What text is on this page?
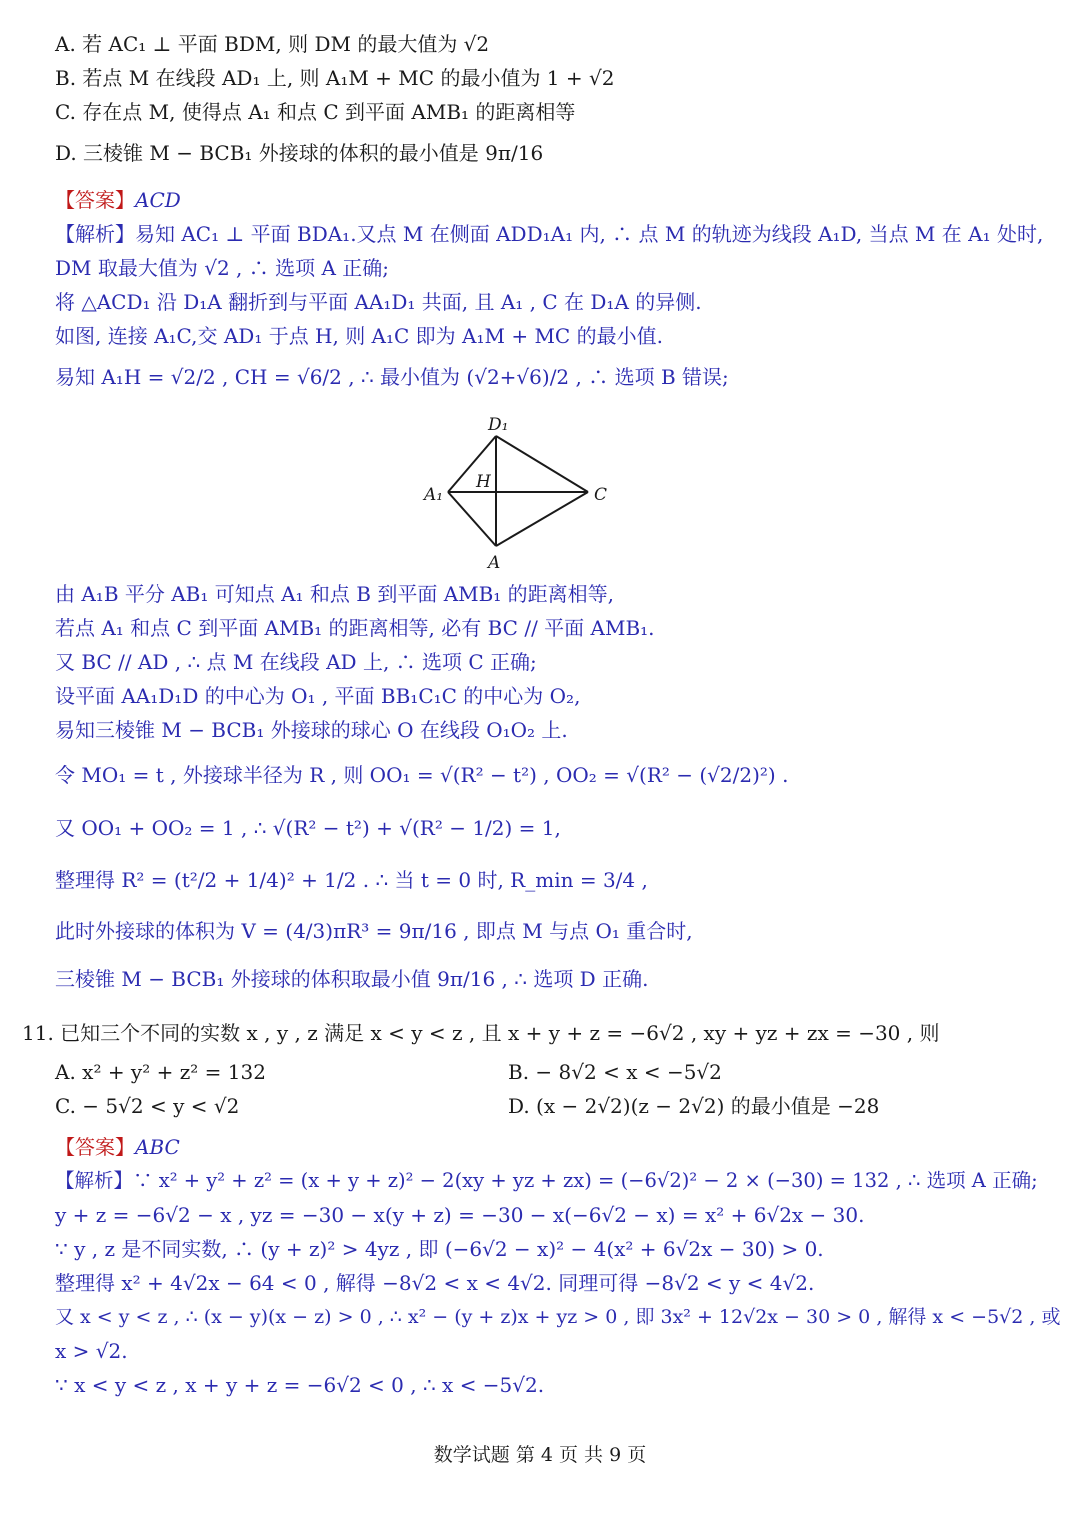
A. 若 AC₁ ⊥ 平面 BDM, 则 DM 的最大值为 √2
B. 若点 M 在线段 AD₁ 上, 则 A₁M + MC 的最小值为 1 + √2
C. 存在点 M, 使得点 A₁ 和点 C 到平面 AMB₁ 的距离相等
D. 三棱锥 M − BCB₁ 外接球的体积的最小值是 9π/16
【答案】ACD
【解析】易知 AC₁ ⊥ 平面 BDA₁.又点 M 在侧面 ADD₁A₁ 内, ∴ 点 M 的轨迹为线段 A₁D, 当点 M 在 A₁ 处时,
DM 取最大值为 √2 , ∴ 选项 A 正确;
将 △ACD₁ 沿 D₁A 翻折到与平面 AA₁D₁ 共面, 且 A₁ , C 在 D₁A 的异侧.
如图, 连接 A₁C,交 AD₁ 于点 H, 则 A₁C 即为 A₁M + MC 的最小值.
易知 A₁H = √2/2 , CH = √6/2 , ∴ 最小值为 (√2+√6)/2 , ∴ 选项 B 错误;
D₁
A₁
H
C
A
由 A₁B 平分 AB₁ 可知点 A₁ 和点 B 到平面 AMB₁ 的距离相等,
若点 A₁ 和点 C 到平面 AMB₁ 的距离相等, 必有 BC // 平面 AMB₁.
又 BC // AD , ∴ 点 M 在线段 AD 上, ∴ 选项 C 正确;
设平面 AA₁D₁D 的中心为 O₁ , 平面 BB₁C₁C 的中心为 O₂,
易知三棱锥 M − BCB₁ 外接球的球心 O 在线段 O₁O₂ 上.
令 MO₁ = t , 外接球半径为 R , 则 OO₁ = √(R² − t²) , OO₂ = √(R² − (√2/2)²) .
又 OO₁ + OO₂ = 1 , ∴ √(R² − t²) + √(R² − 1/2) = 1,
整理得 R² = (t²/2 + 1/4)² + 1/2 . ∴ 当 t = 0 时, R_min = 3/4 ,
此时外接球的体积为 V = (4/3)πR³ = 9π/16 , 即点 M 与点 O₁ 重合时,
三棱锥 M − BCB₁ 外接球的体积取最小值 9π/16 , ∴ 选项 D 正确.
11. 已知三个不同的实数 x , y , z 满足 x < y < z , 且 x + y + z = −6√2 , xy + yz + zx = −30 , 则
A. x² + y² + z² = 132	B. − 8√2 < x < −5√2
C. − 5√2 < y < √2	D. (x − 2√2)(z − 2√2) 的最小值是 −28
【答案】ABC
【解析】∵ x² + y² + z² = (x + y + z)² − 2(xy + yz + zx) = (−6√2)² − 2 × (−30) = 132 , ∴ 选项 A 正确;
y + z = −6√2 − x , yz = −30 − x(y + z) = −30 − x(−6√2 − x) = x² + 6√2x − 30.
∵ y , z 是不同实数, ∴ (y + z)² > 4yz , 即 (−6√2 − x)² − 4(x² + 6√2x − 30) > 0.
整理得 x² + 4√2x − 64 < 0 , 解得 −8√2 < x < 4√2. 同理可得 −8√2 < y < 4√2.
又 x < y < z , ∴ (x − y)(x − z) > 0 , ∴ x² − (y + z)x + yz > 0 , 即 3x² + 12√2x − 30 > 0 , 解得 x < −5√2 , 或
x > √2.
∵ x < y < z , x + y + z = −6√2 < 0 , ∴ x < −5√2.
数学试题 第 4 页 共 9 页
